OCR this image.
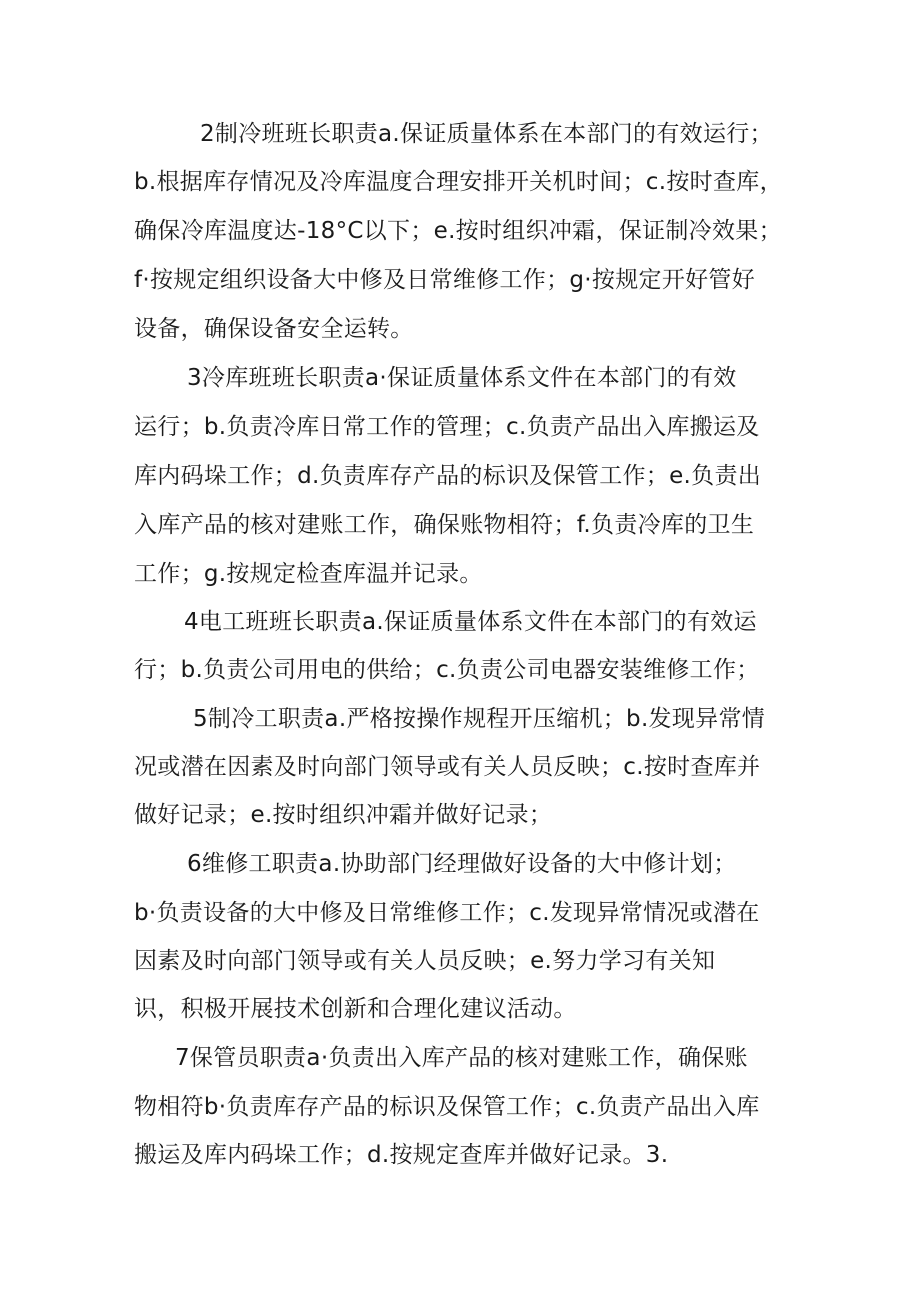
2制冷班班长职责a.保证质量体系在本部门的有效运行；
b.根据库存情况及冷库温度合理安排开关机时间；c.按时查库，
确保冷库温度达-18°C以下；e.按时组织冲霜，保证制冷效果；
f·按规定组织设备大中修及日常维修工作；g·按规定开好管好
设备，确保设备安全运转。
3冷库班班长职责a·保证质量体系文件在本部门的有效
运行；b.负责冷库日常工作的管理；c.负责产品出入库搬运及
库内码垛工作；d.负责库存产品的标识及保管工作；e.负责出
入库产品的核对建账工作，确保账物相符；f.负责冷库的卫生
工作；g.按规定检查库温并记录。
4电工班班长职责a.保证质量体系文件在本部门的有效运
行；b.负责公司用电的供给；c.负责公司电器安装维修工作；
5制冷工职责a.严格按操作规程开压缩机；b.发现异常情
况或潜在因素及时向部门领导或有关人员反映；c.按时查库并
做好记录；e.按时组织冲霜并做好记录；
6维修工职责a.协助部门经理做好设备的大中修计划；
b·负责设备的大中修及日常维修工作；c.发现异常情况或潜在
因素及时向部门领导或有关人员反映；e.努力学习有关知
识，积极开展技术创新和合理化建议活动。
7保管员职责a·负责出入库产品的核对建账工作，确保账
物相符b·负责库存产品的标识及保管工作；c.负责产品出入库
搬运及库内码垛工作；d.按规定查库并做好记录。3.
